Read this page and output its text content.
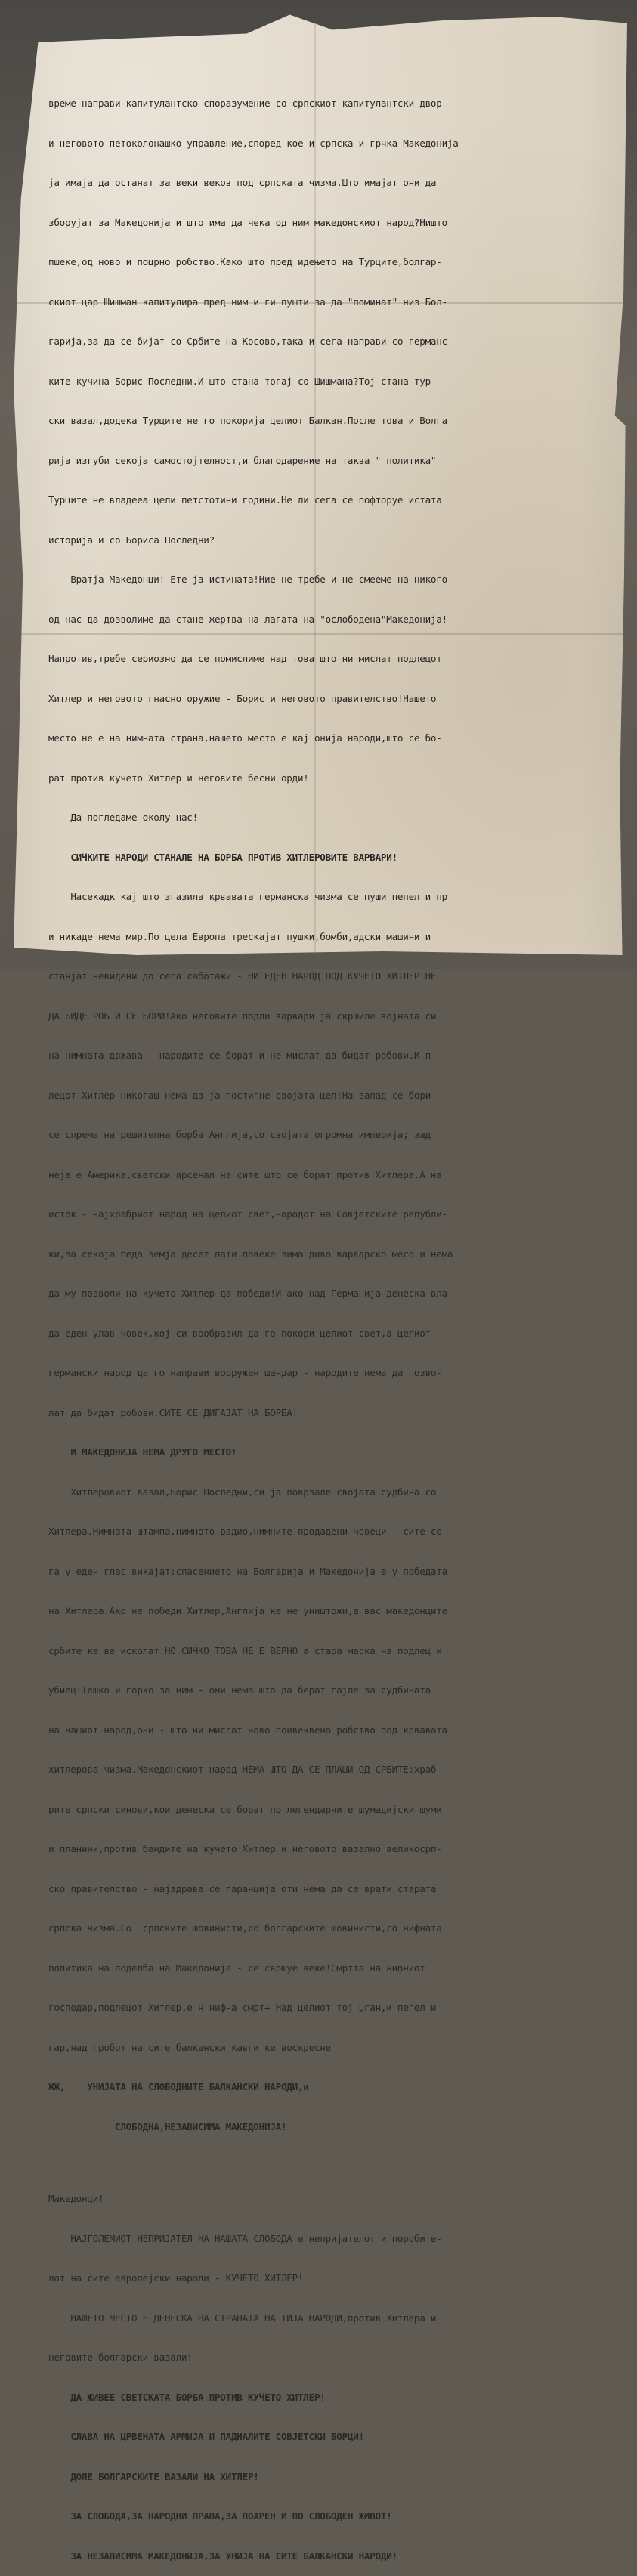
време направи капитулантско споразумение со српскиот капитулантски двор

и неговото петоколонашко управление,според кое и српска и грчка Македонија

ја имаја да останат за веки веков под српската чизма.Што имајат они да

зборујат за Македонија и што има да чека од ним македонскиот народ?Ништо

пшеке,од ново и поцрно робство.Како што пред идењето на Турците,болгар-

скиот цар Шишман капитулира пред ним и ги пушти за да "поминат" низ Бол-

гарија,за да се бијат со Србите на Косово,така и сега направи со германс-

ките кучина Борис Последни.И што стана тогај со Шишмана?Тој стана тур-

ски вазал,додека Турците не го покорија целиот Балкан.После това и Волга

рија изгуби секоја самостојтелност,и благодарение на таква " политика"

Турците не владееа цели петстотини години.Не ли сега се пофторуе истата

историја и со Бориса Последни?

Вратја Македонци! Ете ја истината!Ние не требе и не смееме на никого

од нас да дозволиме да стане жертва на лагата на "ослободена"Македонија!

Напротив,требе сериозно да се помислиме над това што ни мислат подлецот

Хитлер и неговото гнасно оружие - Борис и неговото правителство!Нашето

место не е на нимната страна,нашето место е кај онија народи,што се бо-

рат против кучето Хитлер и неговите бесни орди!

Да погледаме околу нас!

СИЧКИТЕ НАРОДИ СТАНАЛЕ НА БОРБА ПРОТИВ ХИТЛЕРОВИТЕ ВАРВАРИ!

Насекадк кај што згазила крвавата германска чизма се пуши пепел и пр

и никаде нема мир.По цела Европа трескајат пушки,бомби,адски машини и

станјат невидени до сега саботажи - НИ ЕДЕН НАРОД ПОД КУЧЕТО ХИТЛЕР НЕ

ДА БИДЕ РОБ И СЕ БОРИ!Ако неговите подли варвари ја скршиле војната си

на нимната држава - народите се борат и не мислат да бидат робови.И п

лецот Хитлер никогаш нема да ја постигне својата цел:На запад се бори

се спрема на решителна борба Англија,со својата огромна империја; зад

неја е Америка,светски арсенал на сите што се борат против Хитлера.А на

исток - најхрабриот народ на целиот свет,народот на Совјетските републи-

ки,за секоја педа земја десет пати повеке зима диво варварско месо и нема

да му позволи на кучето Хитлер да победи!И ако над Германија денеска вла

да еден улав човек,кој си вообразил да го покори целиот свет,а целиот

германски народ да го направи вооружен шандар - народите нема да позво-

лат да бидат робови.СИТЕ СЕ ДИГАЈАТ НА БОРБА!

И МАКЕДОНИЈА НЕМА ДРУГО МЕСТО!

Хитлеровиот вазал,Борис Последни,си ја поврзале својата судбина со

Хитлера.Нимната штампа,нимното радио,нимните продадени човеци - сите се-

га у еден глас викајат:спасението на Болгарија и Македонија е у победата

на Хитлера.Ако не победи Хитлер,Англија ке не уништожи,а вас македонците

србите ке ве исколат.НО СИЧКО ТОВА НЕ Е ВЕРНО а стара маска на подлец и

убиец!Тешко и горко за ним - они нема што да берат гајле за судбината

на нашиот народ,они - што ни мислат ново поивеквено робство под крвавата

хитлерова чизма.Македонскиот народ НЕМА ШТО ДА СЕ ПЛАШИ ОД СРБИТЕ:храб-

рите српски синови,кои денеска се борат по легендарните шумадијски шуми

и планини,против бандите на кучето Хитлер и неговото вазално великосрп-

ско правителство - најздрава се гаранција оти нема да се врати старата

српска чизма.Со  српските шовинисти,со болгарските шовинисти,со нифната

политика на поделба на Македонија - се свршуе веке!Смртта на нифниот

господар,подлецот Хитлер,е н нифна смрт+ Над целиот тој џган,и пепел и

гар,над гробот на сите балкански кавги ке воскресне

ЖЖ,    УНИЈАТА НА СЛОБОДНИТЕ БАЛКАНСКИ НАРОДИ,и

СЛОБОДНА,НЕЗАВИСИМА МАКЕДОНИЈА!

Македонци!

НАЈГОЛЕМИОТ НЕПРИЈАТЕЛ НА НАШАТА СЛОБОДА е непријателот и поробите-

лот на сите европејски народи - КУЧЕТО ХИТЛЕР!

НАШЕТО МЕСТО Е ДЕНЕСКА НА СТРАНАТА НА ТИЈА НАРОДИ,против Хитлера и

неговите болгарски вазали!

ДА ЖИВЕЕ СВЕТСКАТА БОРБА ПРОТИВ КУЧЕТО ХИТЛЕР!

СЛАВА НА ЦРВЕНАТА АРМИЈА И ПАДНАЛИТЕ СОВЈЕТСКИ БОРЦИ!

ДОЛЕ БОЛГАРСКИТЕ ВАЗАЛИ НА ХИТЛЕР!

ЗА СЛОБОДА,ЗА НАРОДНИ ПРАВА,ЗА ПОАРЕН И ПО СЛОБОДЕН ЖИВОТ!

ЗА НЕЗАВИСИМА МАКЕДОНИЈА,ЗА УНИЈА НА СИТЕ БАЛКАНСКИ НАРОДИ!
